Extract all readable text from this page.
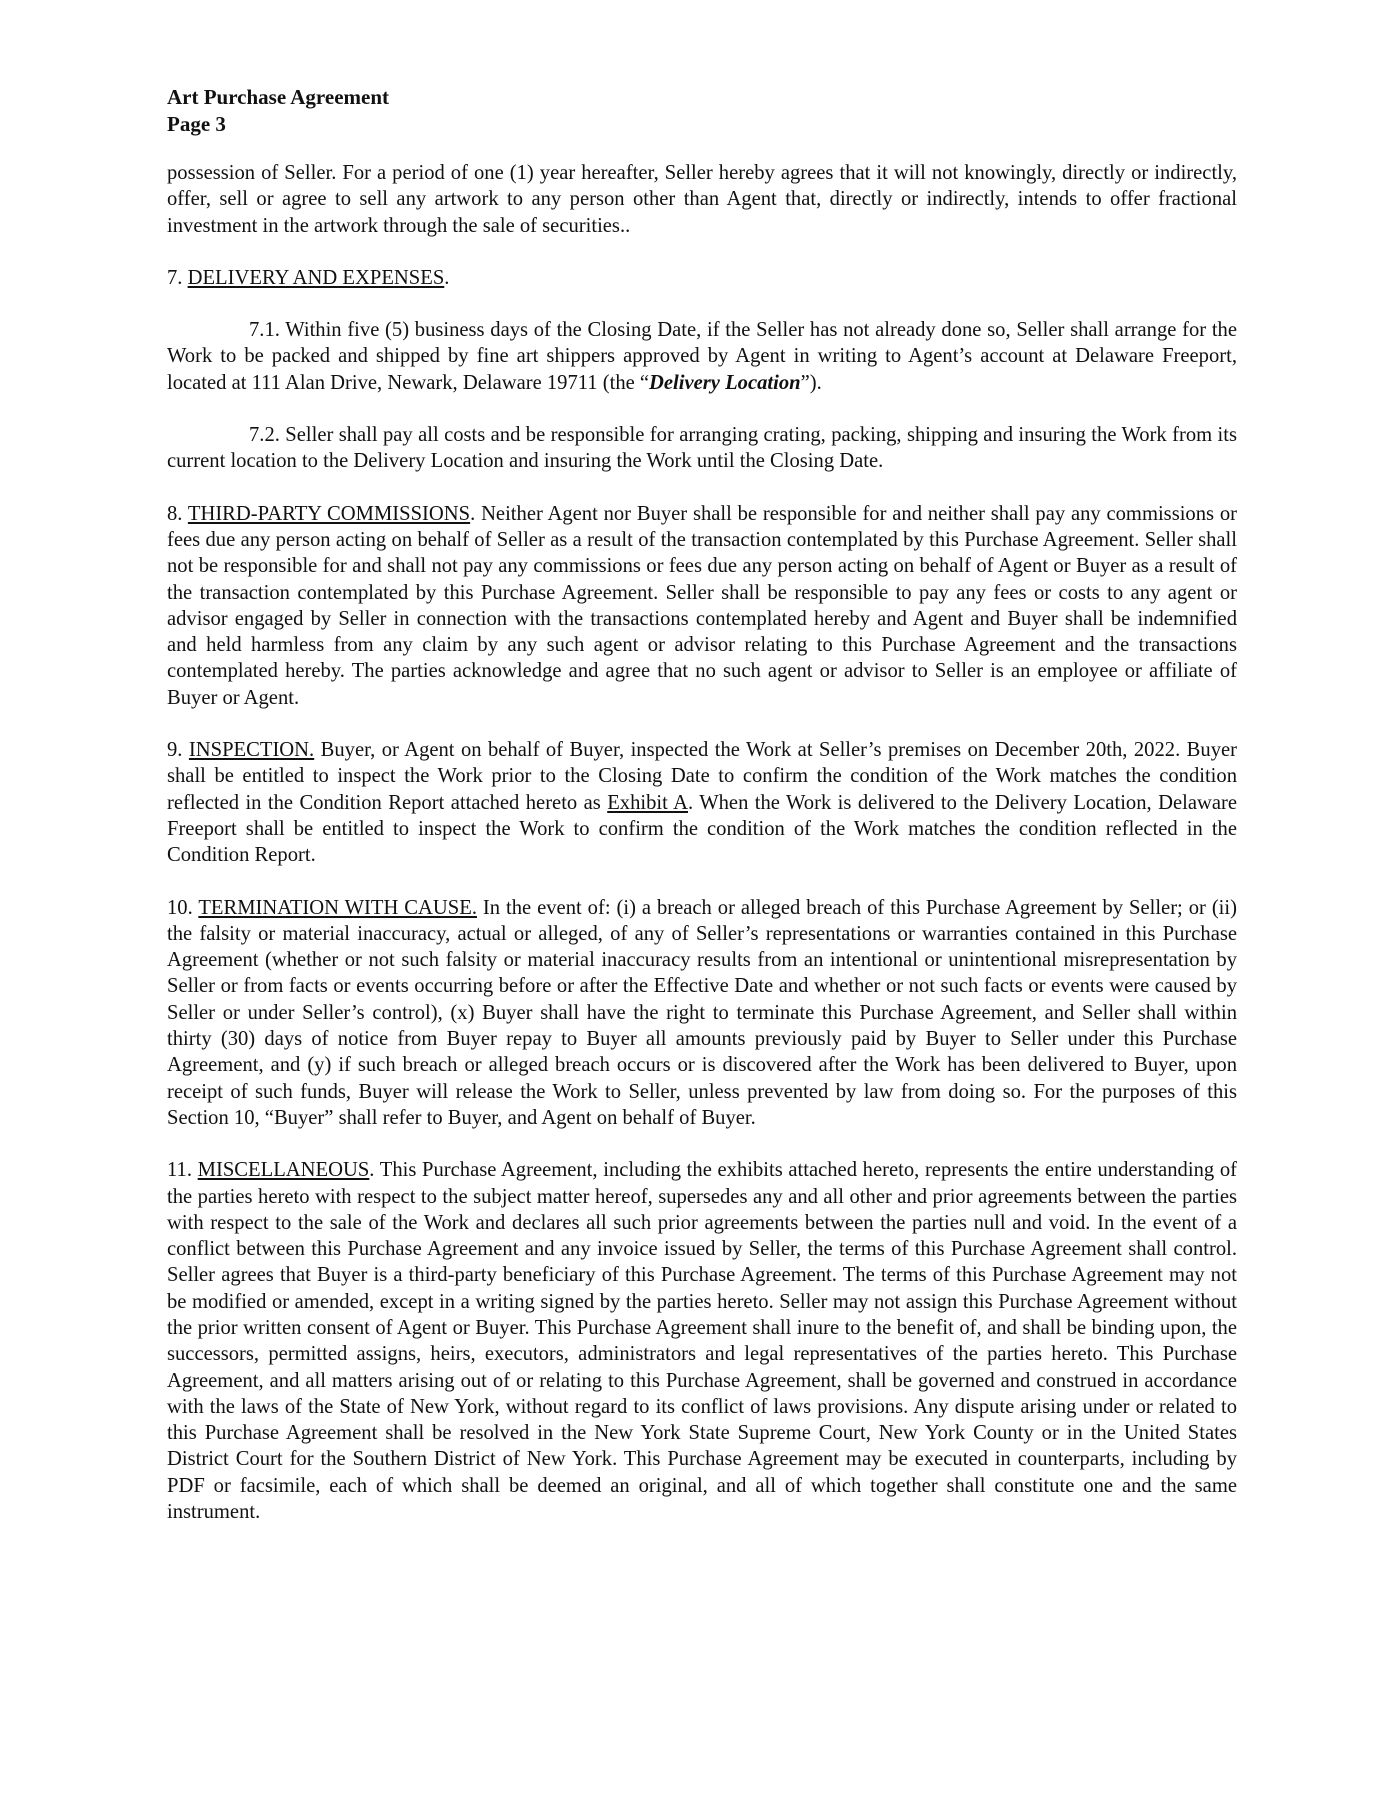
Art Purchase Agreement

Page 3

possession of Seller. For a period of one (1) year hereafter, Seller hereby agrees that it will not knowingly, directly or indirectly, offer, sell or agree to sell any artwork to any person other than Agent that, directly or indirectly, intends to offer fractional investment in the artwork through the sale of securities..

7. DELIVERY AND EXPENSES.

7.1. Within five (5) business days of the Closing Date, if the Seller has not already done so, Seller shall arrange for the Work to be packed and shipped by fine art shippers approved by Agent in writing to Agent’s account at Delaware Freeport, located at 111 Alan Drive, Newark, Delaware 19711 (the “Delivery Location”).

7.2. Seller shall pay all costs and be responsible for arranging crating, packing, shipping and insuring the Work from its current location to the Delivery Location and insuring the Work until the Closing Date.

8. THIRD-PARTY COMMISSIONS. Neither Agent nor Buyer shall be responsible for and neither shall pay any commissions or fees due any person acting on behalf of Seller as a result of the transaction contemplated by this Purchase Agreement. Seller shall not be responsible for and shall not pay any commissions or fees due any person acting on behalf of Agent or Buyer as a result of the transaction contemplated by this Purchase Agreement. Seller shall be responsible to pay any fees or costs to any agent or advisor engaged by Seller in connection with the transactions contemplated hereby and Agent and Buyer shall be indemnified and held harmless from any claim by any such agent or advisor relating to this Purchase Agreement and the transactions contemplated hereby. The parties acknowledge and agree that no such agent or advisor to Seller is an employee or affiliate of Buyer or Agent.

9. INSPECTION. Buyer, or Agent on behalf of Buyer, inspected the Work at Seller’s premises on December 20th, 2022. Buyer shall be entitled to inspect the Work prior to the Closing Date to confirm the condition of the Work matches the condition reflected in the Condition Report attached hereto as Exhibit A. When the Work is delivered to the Delivery Location, Delaware Freeport shall be entitled to inspect the Work to confirm the condition of the Work matches the condition reflected in the Condition Report.

10. TERMINATION WITH CAUSE. In the event of: (i) a breach or alleged breach of this Purchase Agreement by Seller; or (ii) the falsity or material inaccuracy, actual or alleged, of any of Seller’s representations or warranties contained in this Purchase Agreement (whether or not such falsity or material inaccuracy results from an intentional or unintentional misrepresentation by Seller or from facts or events occurring before or after the Effective Date and whether or not such facts or events were caused by Seller or under Seller’s control), (x) Buyer shall have the right to terminate this Purchase Agreement, and Seller shall within thirty (30) days of notice from Buyer repay to Buyer all amounts previously paid by Buyer to Seller under this Purchase Agreement, and (y) if such breach or alleged breach occurs or is discovered after the Work has been delivered to Buyer, upon receipt of such funds, Buyer will release the Work to Seller, unless prevented by law from doing so. For the purposes of this Section 10, “Buyer” shall refer to Buyer, and Agent on behalf of Buyer.

11. MISCELLANEOUS. This Purchase Agreement, including the exhibits attached hereto, represents the entire understanding of the parties hereto with respect to the subject matter hereof, supersedes any and all other and prior agreements between the parties with respect to the sale of the Work and declares all such prior agreements between the parties null and void. In the event of a conflict between this Purchase Agreement and any invoice issued by Seller, the terms of this Purchase Agreement shall control. Seller agrees that Buyer is a third-party beneficiary of this Purchase Agreement. The terms of this Purchase Agreement may not be modified or amended, except in a writing signed by the parties hereto. Seller may not assign this Purchase Agreement without the prior written consent of Agent or Buyer. This Purchase Agreement shall inure to the benefit of, and shall be binding upon, the successors, permitted assigns, heirs, executors, administrators and legal representatives of the parties hereto. This Purchase Agreement, and all matters arising out of or relating to this Purchase Agreement, shall be governed and construed in accordance with the laws of the State of New York, without regard to its conflict of laws provisions. Any dispute arising under or related to this Purchase Agreement shall be resolved in the New York State Supreme Court, New York County or in the United States District Court for the Southern District of New York. This Purchase Agreement may be executed in counterparts, including by PDF or facsimile, each of which shall be deemed an original, and all of which together shall constitute one and the same instrument.
